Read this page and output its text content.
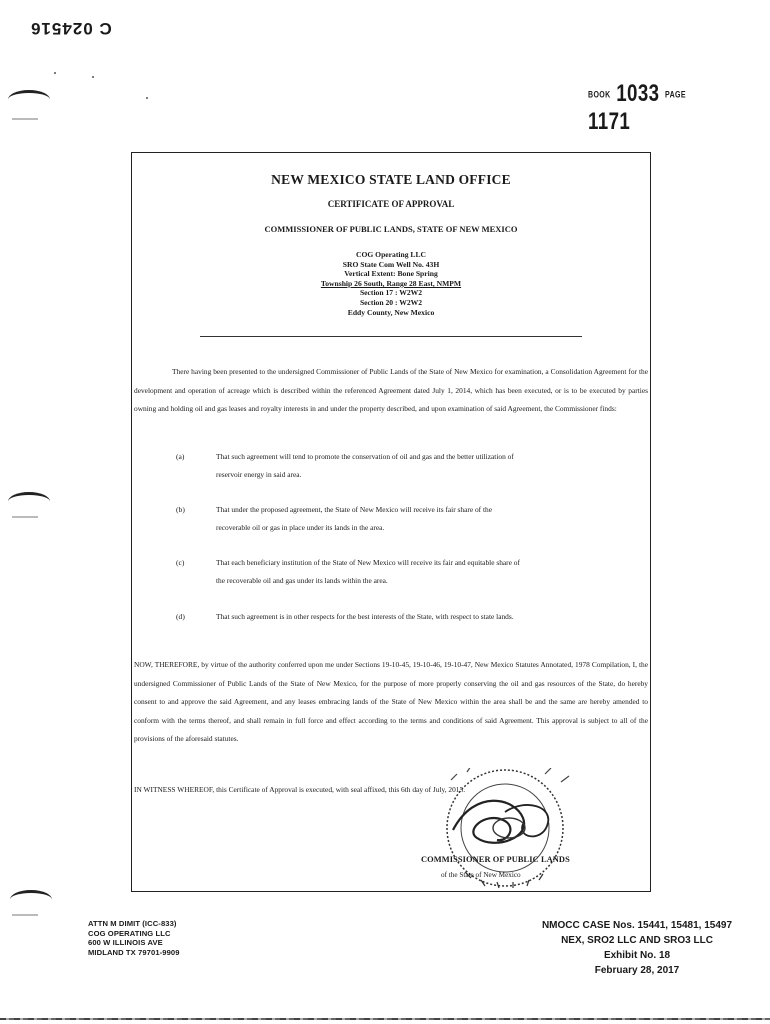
C 024516
BOOK 1033 PAGE 1171
NEW MEXICO STATE LAND OFFICE
CERTIFICATE OF APPROVAL
COMMISSIONER OF PUBLIC LANDS, STATE OF NEW MEXICO
COG Operating LLC
SRO State Com Well No. 43H
Vertical Extent: Bone Spring
Township 26 South, Range 28 East, NMPM
Section 17 : W2W2
Section 20 : W2W2
Eddy County, New Mexico
There having been presented to the undersigned Commissioner of Public Lands of the State of New Mexico for examination, a Consolidation Agreement for the development and operation of acreage which is described within the referenced Agreement dated July 1, 2014, which has been executed, or is to be executed by parties owning and holding oil and gas leases and royalty interests in and under the property described, and upon examination of said Agreement, the Commissioner finds:
(a)	That such agreement will tend to promote the conservation of oil and gas and the better utilization of reservoir energy in said area.
(b)	That under the proposed agreement, the State of New Mexico will receive its fair share of the recoverable oil or gas in place under its lands in the area.
(c)	That each beneficiary institution of the State of New Mexico will receive its fair and equitable share of the recoverable oil and gas under its lands within the area.
(d)	That such agreement is in other respects for the best interests of the State, with respect to state lands.
NOW, THEREFORE, by virtue of the authority conferred upon me under Sections 19-10-45, 19-10-46, 19-10-47, New Mexico Statutes Annotated, 1978 Compilation, I, the undersigned Commissioner of Public Lands of the State of New Mexico, for the purpose of more properly conserving the oil and gas resources of the State, do hereby consent to and approve the said Agreement, and any leases embracing lands of the State of New Mexico within the area shall be and the same are hereby amended to conform with the terms thereof, and shall remain in full force and effect according to the terms and conditions of said Agreement. This approval is subject to all of the provisions of the aforesaid statutes.
IN WITNESS WHEREOF, this Certificate of Approval is executed, with seal affixed, this 6th day of July, 2015.
COMMISSIONER OF PUBLIC LANDS
of the State of New Mexico
ATTN M DIMIT (ICC-833)
COG OPERATING LLC
600 W ILLINOIS AVE
MIDLAND TX 79701-9909
NMOCC CASE Nos. 15441, 15481, 15497
NEX, SRO2 LLC AND SRO3 LLC
Exhibit No. 18
February 28, 2017
